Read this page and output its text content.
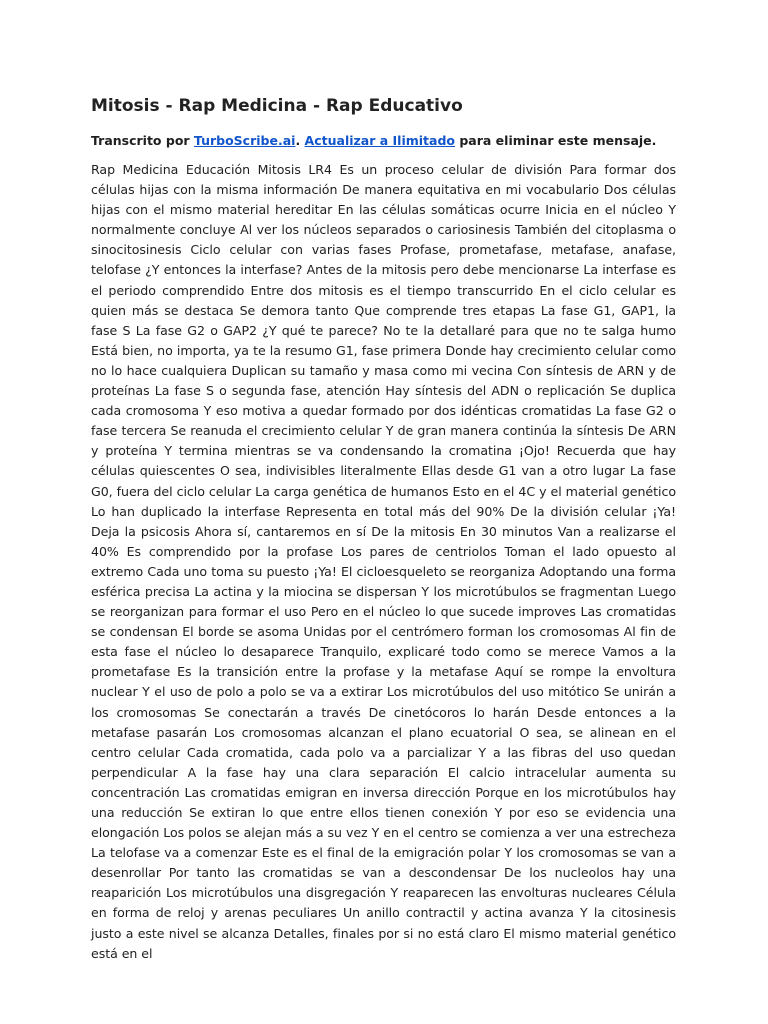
Mitosis - Rap Medicina - Rap Educativo

Transcrito por TurboScribe.ai. Actualizar a Ilimitado para eliminar este mensaje.

Rap Medicina Educación Mitosis LR4 Es un proceso celular de división Para formar dos células hijas con la misma información De manera equitativa en mi vocabulario Dos células hijas con el mismo material hereditar En las células somáticas ocurre Inicia en el núcleo Y normalmente concluye Al ver los núcleos separados o cariosinesis También del citoplasma o sinocitosinesis Ciclo celular con varias fases Profase, prometafase, metafase, anafase, telofase ¿Y entonces la interfase? Antes de la mitosis pero debe mencionarse La interfase es el periodo comprendido Entre dos mitosis es el tiempo transcurrido En el ciclo celular es quien más se destaca Se demora tanto Que comprende tres etapas La fase G1, GAP1, la fase S La fase G2 o GAP2 ¿Y qué te parece? No te la detallaré para que no te salga humo Está bien, no importa, ya te la resumo G1, fase primera Donde hay crecimiento celular como no lo hace cualquiera Duplican su tamaño y masa como mi vecina Con síntesis de ARN y de proteínas La fase S o segunda fase, atención Hay síntesis del ADN o replicación Se duplica cada cromosoma Y eso motiva a quedar formado por dos idénticas cromatidas La fase G2 o fase tercera Se reanuda el crecimiento celular Y de gran manera continúa la síntesis De ARN y proteína Y termina mientras se va condensando la cromatina ¡Ojo! Recuerda que hay células quiescentes O sea, indivisibles literalmente Ellas desde G1 van a otro lugar La fase G0, fuera del ciclo celular La carga genética de humanos Esto en el 4C y el material genético Lo han duplicado la interfase Representa en total más del 90% De la división celular ¡Ya! Deja la psicosis Ahora sí, cantaremos en sí De la mitosis En 30 minutos Van a realizarse el 40% Es comprendido por la profase Los pares de centriolos Toman el lado opuesto al extremo Cada uno toma su puesto ¡Ya! El cicloesqueleto se reorganiza Adoptando una forma esférica precisa La actina y la miocina se dispersan Y los microtúbulos se fragmentan Luego se reorganizan para formar el uso Pero en el núcleo lo que sucede improves Las cromatidas se condensan El borde se asoma Unidas por el centrómero forman los cromosomas Al fin de esta fase el núcleo lo desaparece Tranquilo, explicaré todo como se merece Vamos a la prometafase Es la transición entre la profase y la metafase Aquí se rompe la envoltura nuclear Y el uso de polo a polo se va a extirar Los microtúbulos del uso mitótico Se unirán a los cromosomas Se conectarán a través De cinetócoros lo harán Desde entonces a la metafase pasarán Los cromosomas alcanzan el plano ecuatorial O sea, se alinean en el centro celular Cada cromatida, cada polo va a parcializar Y a las fibras del uso quedan perpendicular A la fase hay una clara separación El calcio intracelular aumenta su concentración Las cromatidas emigran en inversa dirección Porque en los microtúbulos hay una reducción Se extiran lo que entre ellos tienen conexión Y por eso se evidencia una elongación Los polos se alejan más a su vez Y en el centro se comienza a ver una estrecheza La telofase va a comenzar Este es el final de la emigración polar Y los cromosomas se van a desenrollar Por tanto las cromatidas se van a descondensar De los nucleolos hay una reaparición Los microtúbulos una disgregación Y reaparecen las envolturas nucleares Célula en forma de reloj y arenas peculiares Un anillo contractil y actina avanza Y la citosinesis justo a este nivel se alcanza Detalles, finales por si no está claro El mismo material genético está en el
